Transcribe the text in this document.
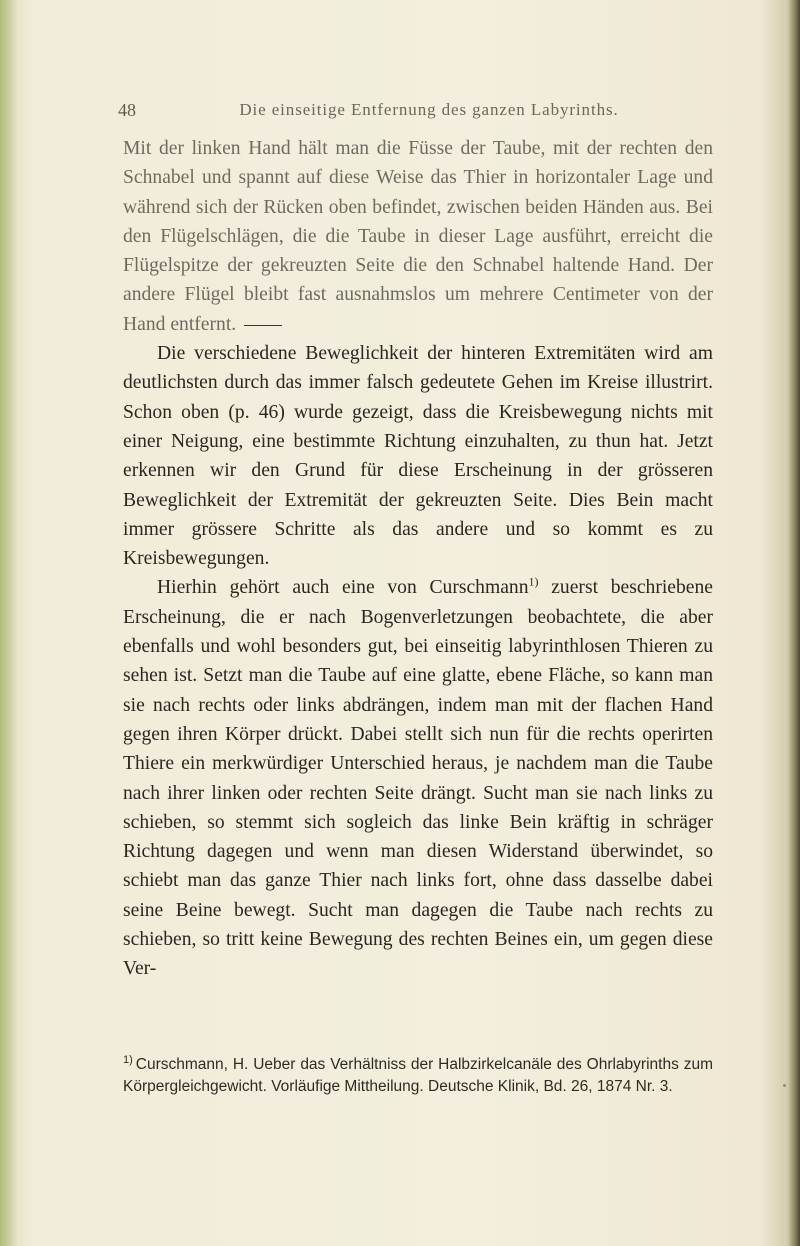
48	Die einseitige Entfernung des ganzen Labyrinths.

Mit der linken Hand hält man die Füsse der Taube, mit der rechten den Schnabel und spannt auf diese Weise das Thier in horizontaler Lage und während sich der Rücken oben befindet, zwischen beiden Händen aus. Bei den Flügelschlägen, die die Taube in dieser Lage ausführt, erreicht die Flügelspitze der gekreuzten Seite die den Schnabel haltende Hand. Der andere Flügel bleibt fast ausnahmslos um mehrere Centimeter von der Hand entfernt.

Die verschiedene Beweglichkeit der hinteren Extremitäten wird am deutlichsten durch das immer falsch gedeutete Gehen im Kreise illustrirt. Schon oben (p. 46) wurde gezeigt, dass die Kreisbewegung nichts mit einer Neigung, eine bestimmte Richtung einzuhalten, zu thun hat. Jetzt erkennen wir den Grund für diese Erscheinung in der grösseren Beweglichkeit der Extremität der gekreuzten Seite. Dies Bein macht immer grössere Schritte als das andere und so kommt es zu Kreisbewegungen.

Hierhin gehört auch eine von Curschmann$^{1)}$ zuerst beschriebene Erscheinung, die er nach Bogenverletzungen beobachtete, die aber ebenfalls und wohl besonders gut, bei einseitig labyrinthlosen Thieren zu sehen ist. Setzt man die Taube auf eine glatte, ebene Fläche, so kann man sie nach rechts oder links abdrängen, indem man mit der flachen Hand gegen ihren Körper drückt. Dabei stellt sich nun für die rechts operirten Thiere ein merkwürdiger Unterschied heraus, je nachdem man die Taube nach ihrer linken oder rechten Seite drängt. Sucht man sie nach links zu schieben, so stemmt sich sogleich das linke Bein kräftig in schräger Richtung dagegen und wenn man diesen Widerstand überwindet, so schiebt man das ganze Thier nach links fort, ohne dass dasselbe dabei seine Beine bewegt. Sucht man dagegen die Taube nach rechts zu schieben, so tritt keine Bewegung des rechten Beines ein, um gegen diese Ver-

$^{1)}$ Curschmann, H. Ueber das Verhältniss der Halbzirkelcanäle des Ohrlabyrinths zum Körpergleichgewicht. Vorläufige Mittheilung. Deutsche Klinik, Bd. 26, 1874 Nr. 3.
